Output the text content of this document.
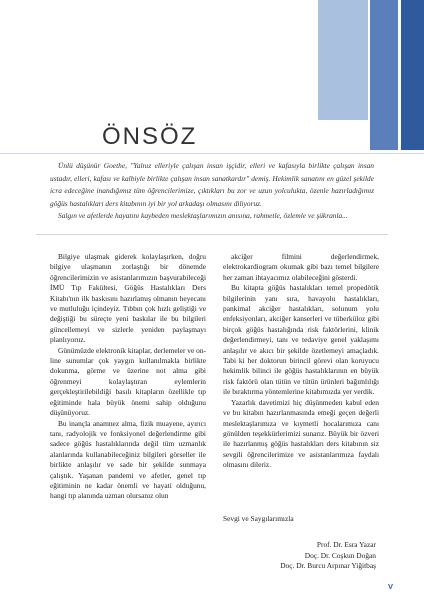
ÖNSÖZ

Ünlü düşünür Goethe, "Yalnız elleriyle çalışan insan işçidir, elleri ve kafasıyla birlikte çalışan insan ustadır, elleri, kafası ve kalbiyle birlikte çalışan insan sanatkardır" demiş. Hekimlik sanatını en güzel şekilde icra edeceğine inandığımız tüm öğrencilerimize, çıktıkları bu zor ve uzun yolculukta, özenle hazırladığımız göğüs hastalıkları ders kitabının iyi bir yol arkadaşı olmasını diliyoruz.

Salgın ve afetlerde hayatını kaybeden meslektaşlarımızın anısına, rahmetle, özlemle ve şükranla...

Bilgiye ulaşmak giderek kolaylaşırken, doğru bilgiye ulaşmanın zorlaştığı bir dönemde öğrencilerimizin ve asistanlarımızın başvurabileceği İMÜ Tıp Fakültesi, Göğüs Hastalıkları Ders Kitabı'nın ilk baskısını hazırlamış olmanın heyecanı ve mutluluğu içindeyiz. Tıbbın çok hızlı geliştiği ve değiştiği bu süreçte yeni baskılar ile bu bilgileri güncellemeyi ve sizlerle yeniden paylaşmayı planlıyoruz.

Günümüzde elektronik kitaplar, derlemeler ve on-line sunumlar çok yaygın kullanılmakla birlikte dokunma, görme ve üzerine not alma gibi öğrenmeyi kolaylaştıran eylemlerin gerçekleştirilebildiği basılı kitapların özellikle tıp eğitiminde hala büyük önemi sahip olduğunu düşünüyoruz.

Bu inançla anamnez alma, fizik muayene, ayırıcı tanı, radyolojik ve fonksiyonel değerlendirme gibi sadece göğüs hastalıklarında değil tüm uzmanlık alanlarında kullanabileceğiniz bilgileri görseller ile birlikte anlaşılır ve sade bir şekilde sunmaya çalıştık. Yaşanan pandemi ve afetler, genel tıp eğitiminin ne kadar önemli ve hayati olduğunu, hangi tıp alanında uzman olursanız olun

akciğer filmini değerlendirmek, elektrokardiogram okumak gibi bazı temel bilgilere her zaman ihtayacımız olabileceğini gösterdi.

Bu kitapta göğüs hastalıkları temel propedötik bilgilerinin yanı sıra, havayolu hastalıkları, pankimal akciğer hastalıkları, solunum yolu enfeksiyonları, akciğer kanserleri ve tüberküloz gibi birçok göğüs hastalığında risk faktörlerini, klinik değerlendirmeyi, tanı ve tedaviye genel yaklaşımı anlaşılır ve akıcı bir şekilde özetlemeyi amaçladık. Tabi ki her doktorun birincil görevi olan koruyucu hekimlik bilinci ile göğüs hastalıklarının en büyük risk faktörü olan tütün ve tütün ürünleri bağımlılığı ile bıraktırma yöntemlerine kitabımızda yer verdik.

Yazarlık davetimizi hiç düşünmeden kabul eden ve bu kitabın hazırlanmasında emeği geçen değerli meslektaşlarımıza ve kıymetli hocalarımıza canı gönülden teşekkürlerimizi sunarız. Büyük bir özveri ile hazırlanmış göğüs hastalıkları ders kitabının siz sevgili öğrencilerimize ve asistanlarımıza faydalı olmasını dileriz.

Sevgi ve Saygılarımızla
Prof. Dr. Esra Yazar
Doç. Dr. Coşkun Doğan
Doç. Dr. Burcu Arpınar Yiğitbaş
V
